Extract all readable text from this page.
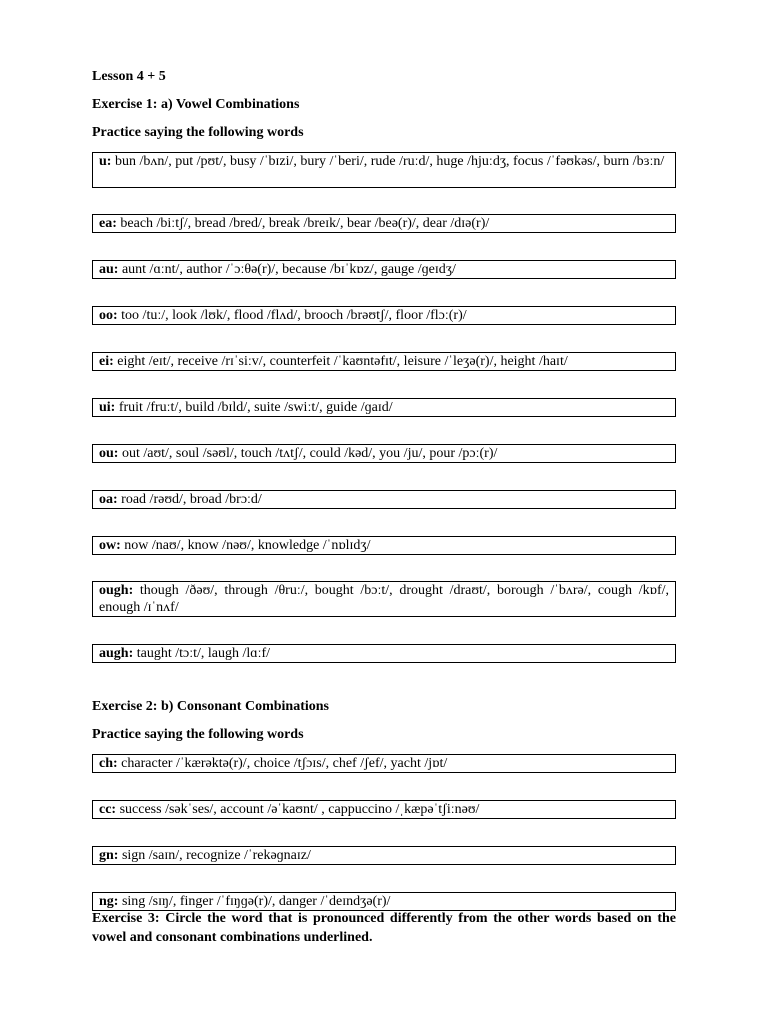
Lesson 4 + 5
Exercise 1: a) Vowel Combinations
Practice saying the following words
u: bun /bʌn/, put /pʊt/, busy /ˈbɪzi/, bury /ˈberi/, rude /ruːd/, huge /hjuːdʒ, focus /ˈfəʊkəs/, burn /bɜːn/
ea: beach /biːtʃ/, bread /bred/, break /breɪk/, bear /beə(r)/, dear /dɪə(r)/
au: aunt /ɑːnt/, author /ˈɔːθə(r)/, because /bɪˈkɒz/, gauge /ɡeɪdʒ/
oo: too /tuː/, look /lʊk/, flood /flʌd/, brooch /brəʊtʃ/, floor /flɔː(r)/
ei: eight /eɪt/, receive /rɪˈsiːv/, counterfeit /ˈkaʊntəfɪt/, leisure /ˈleʒə(r)/, height /haɪt/
ui: fruit /fruːt/, build /bɪld/, suite /swiːt/, guide /ɡaɪd/
ou: out /aʊt/, soul /səʊl/, touch /tʌtʃ/, could /kəd/, you /ju/, pour /pɔː(r)/
oa: road /rəʊd/, broad /brɔːd/
ow: now /naʊ/, know /nəʊ/, knowledge /ˈnɒlɪdʒ/
ough: though /ðəʊ/, through /θruː/, bought /bɔːt/, drought /draʊt/, borough /ˈbʌrə/, cough /kɒf/, enough /ɪˈnʌf/
augh: taught /tɔːt/, laugh /lɑːf/
Exercise 2: b) Consonant Combinations
Practice saying the following words
ch: character /ˈkærəktə(r)/, choice /tʃɔɪs/, chef /ʃef/, yacht /jɒt/
cc: success /səkˈses/, account /əˈkaʊnt/ , cappuccino /ˌkæpəˈtʃiːnəʊ/
gn: sign /saɪn/, recognize /ˈrekəɡnaɪz/
ng: sing /sɪŋ/, finger /ˈfɪŋɡə(r)/, danger /ˈdeɪndʒə(r)/
Exercise 3: Circle the word that is pronounced differently from the other words based on the vowel and consonant combinations underlined.
